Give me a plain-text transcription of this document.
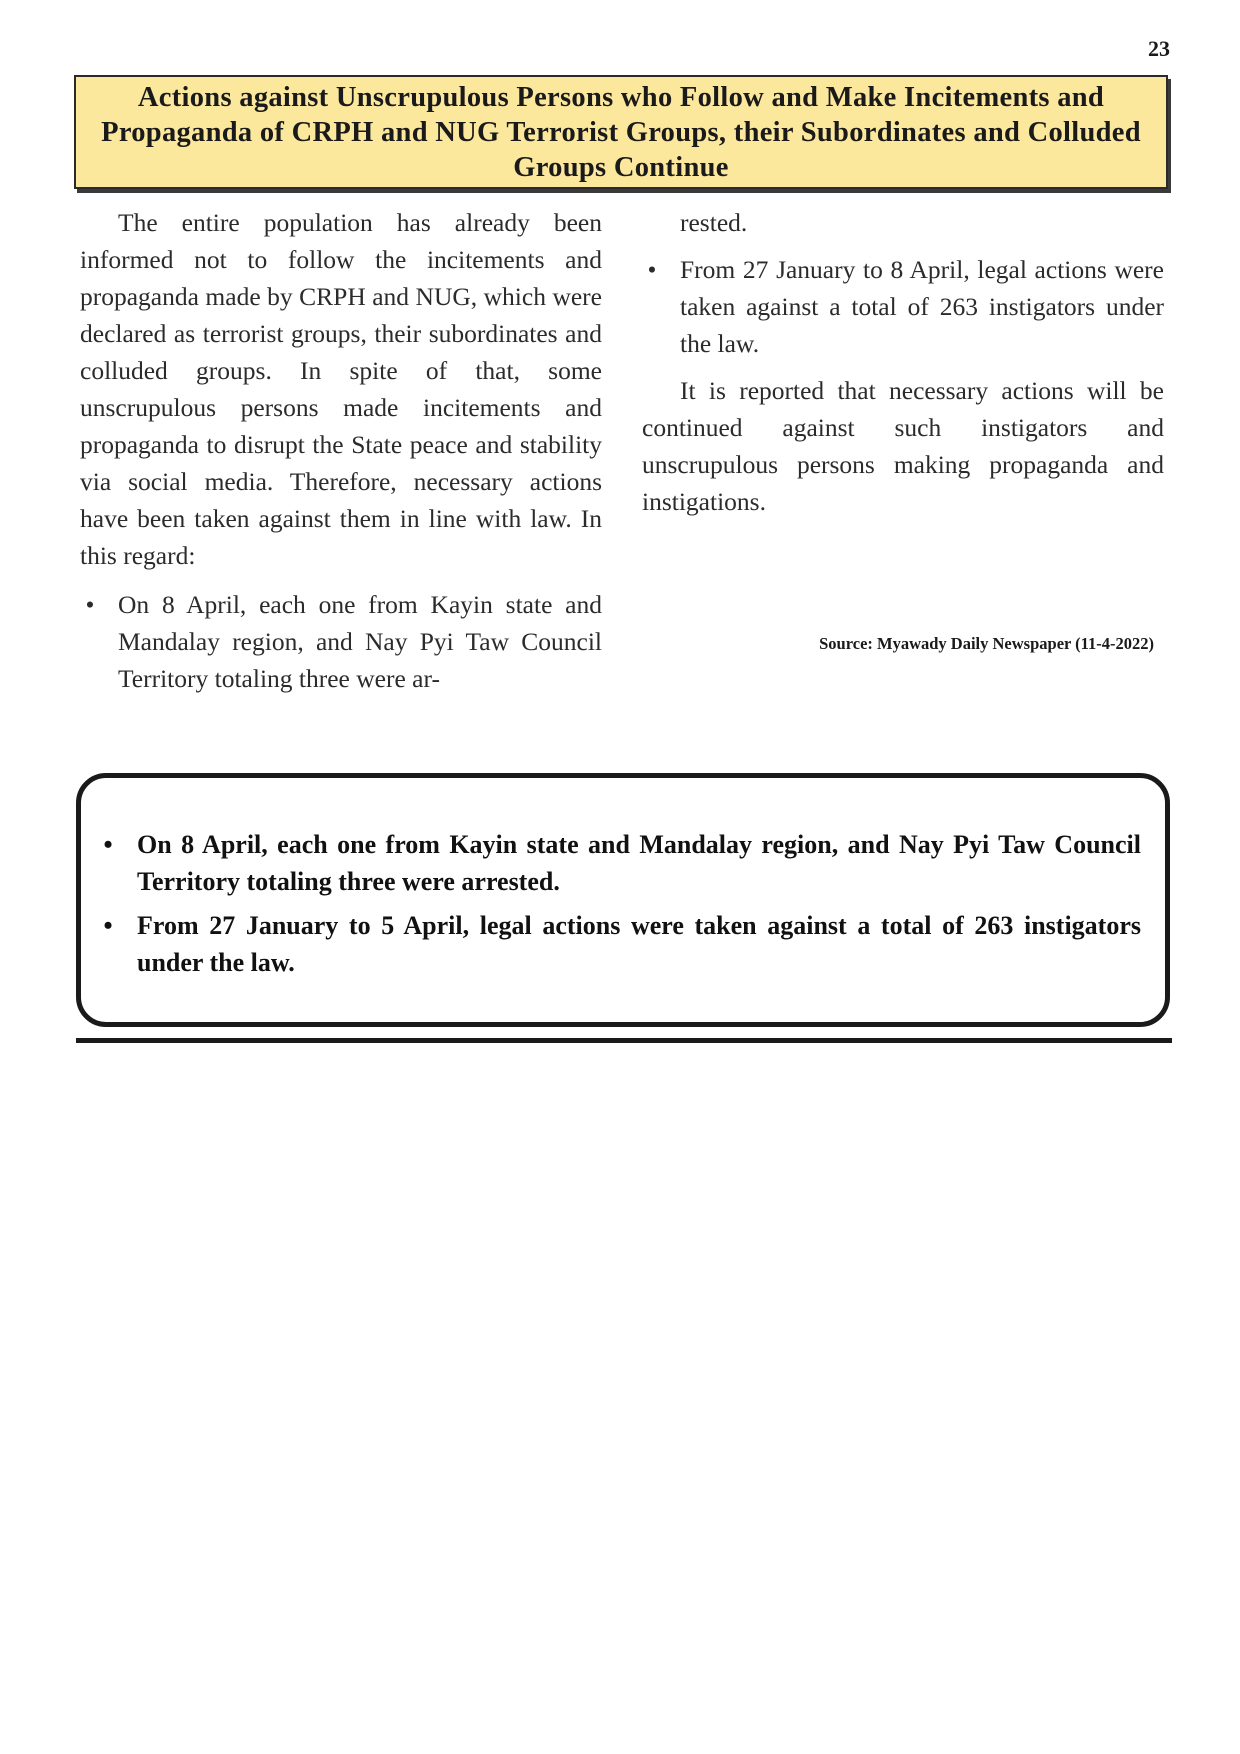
23
Actions against Unscrupulous Persons who Follow and Make Incitements and Propaganda of CRPH and NUG Terrorist Groups, their Subordinates and Colluded Groups Continue

The entire population has already been informed not to follow the incitements and propaganda made by CRPH and NUG, which were declared as terrorist groups, their subordinates and colluded groups. In spite of that, some unscrupulous persons made incitements and propaganda to disrupt the State peace and stability via social media. Therefore, necessary actions have been taken against them in line with law. In this regard:

• On 8 April, each one from Kayin state and Mandalay region, and Nay Pyi Taw Council Territory totaling three were ar-

rested.

• From 27 January to 8 April, legal actions were taken against a total of 263 instigators under the law.

It is reported that necessary actions will be continued against such instigators and unscrupulous persons making propaganda and instigations.

Source: Myawady Daily Newspaper (11-4-2022)
• On 8 April, each one from Kayin state and Mandalay region, and Nay Pyi Taw Council Territory totaling three were arrested.
• From 27 January to 5 April, legal actions were taken against a total of 263 instigators under the law.
